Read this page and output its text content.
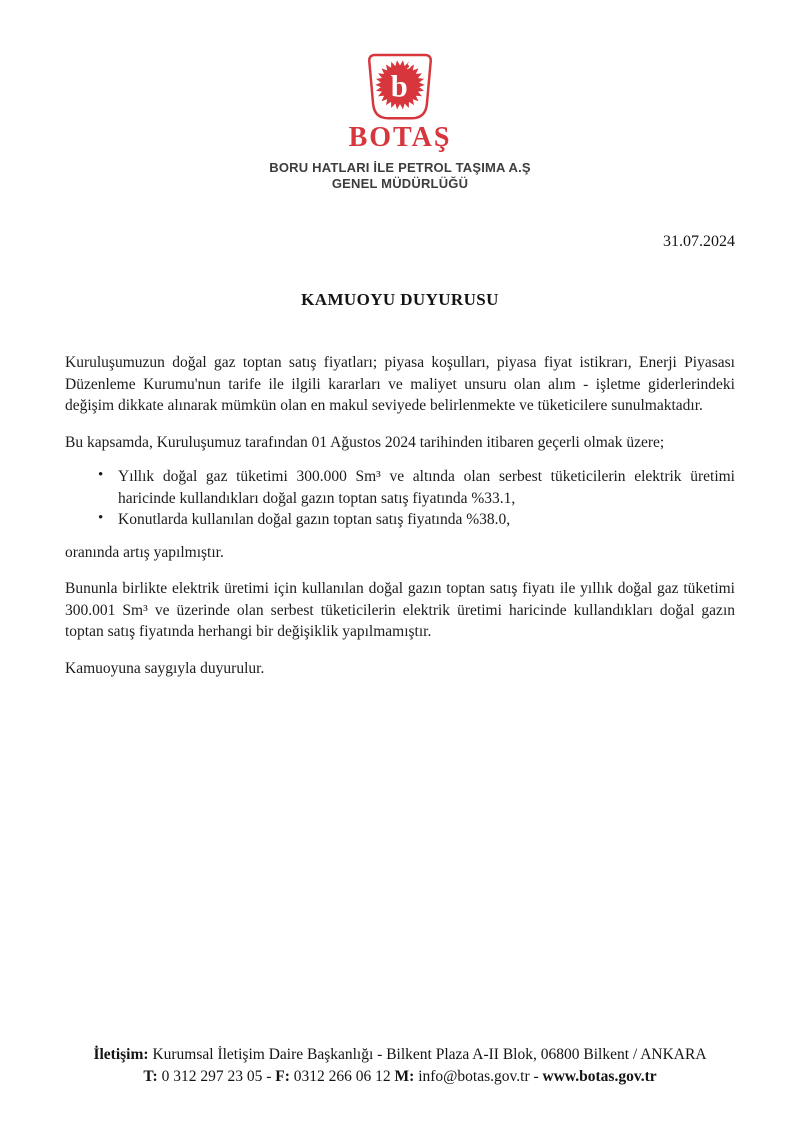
b
’
BOTAŞ
BORU HATLARI İLE PETROL TAŞIMA A.Ş
GENEL MÜDÜRLÜĞÜ
31.07.2024
KAMUOYU DUYURUSU

Kuruluşumuzun doğal gaz toptan satış fiyatları; piyasa koşulları, piyasa fiyat istikrarı, Enerji Piyasası Düzenleme Kurumu'nun tarife ile ilgili kararları ve maliyet unsuru olan alım - işletme giderlerindeki değişim dikkate alınarak mümkün olan en makul seviyede belirlenmekte ve tüketicilere sunulmaktadır.

Bu kapsamda, Kuruluşumuz tarafından 01 Ağustos 2024 tarihinden itibaren geçerli olmak üzere;

• Yıllık doğal gaz tüketimi 300.000 Sm³ ve altında olan serbest tüketicilerin elektrik üretimi haricinde kullandıkları doğal gazın toptan satış fiyatında %33.1,
• Konutlarda kullanılan doğal gazın toptan satış fiyatında %38.0,

oranında artış yapılmıştır.

Bununla birlikte elektrik üretimi için kullanılan doğal gazın toptan satış fiyatı ile yıllık doğal gaz tüketimi 300.001 Sm³ ve üzerinde olan serbest tüketicilerin elektrik üretimi haricinde kullandıkları doğal gazın toptan satış fiyatında herhangi bir değişiklik yapılmamıştır.

Kamuoyuna saygıyla duyurulur.

İletişim: Kurumsal İletişim Daire Başkanlığı - Bilkent Plaza A-II Blok, 06800 Bilkent / ANKARA
T: 0 312 297 23 05 - F: 0312 266 06 12 M: info@botas.gov.tr - www.botas.gov.tr
